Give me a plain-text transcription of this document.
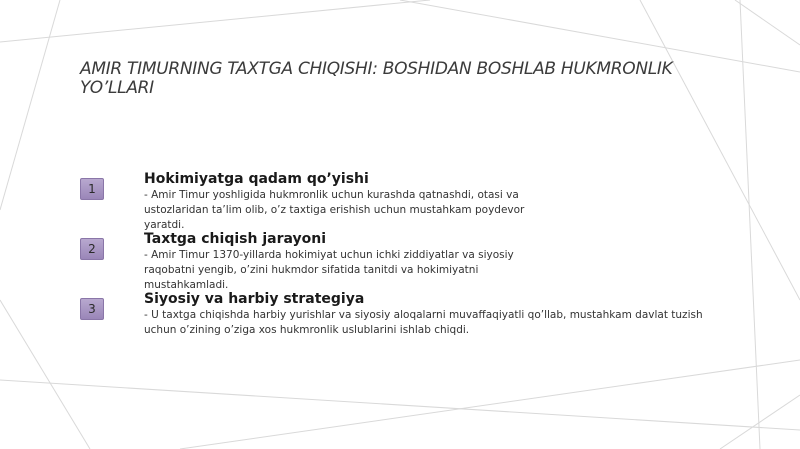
AMIR TIMURNING TAXTGA CHIQISHI: BOSHIDAN BOSHLAB HUKMRONLIK YO’LLARI
1
Hokimiyatga qadam qo’yishi
- Amir Timur yoshligida hukmronlik uchun kurashda qatnashdi, otasi va ustozlaridan ta’lim olib, o’z taxtiga erishish uchun mustahkam poydevor yaratdi.
2
Taxtga chiqish jarayoni
- Amir Timur 1370-yillarda hokimiyat uchun ichki ziddiyatlar va siyosiy raqobatni yengib, o’zini hukmdor sifatida tanitdi va hokimiyatni mustahkamladi.
3
Siyosiy va harbiy strategiya
- U taxtga chiqishda harbiy yurishlar va siyosiy aloqalarni muvaffaqiyatli qo’llab, mustahkam davlat tuzish uchun o’zining o’ziga xos hukmronlik uslublarini ishlab chiqdi.
